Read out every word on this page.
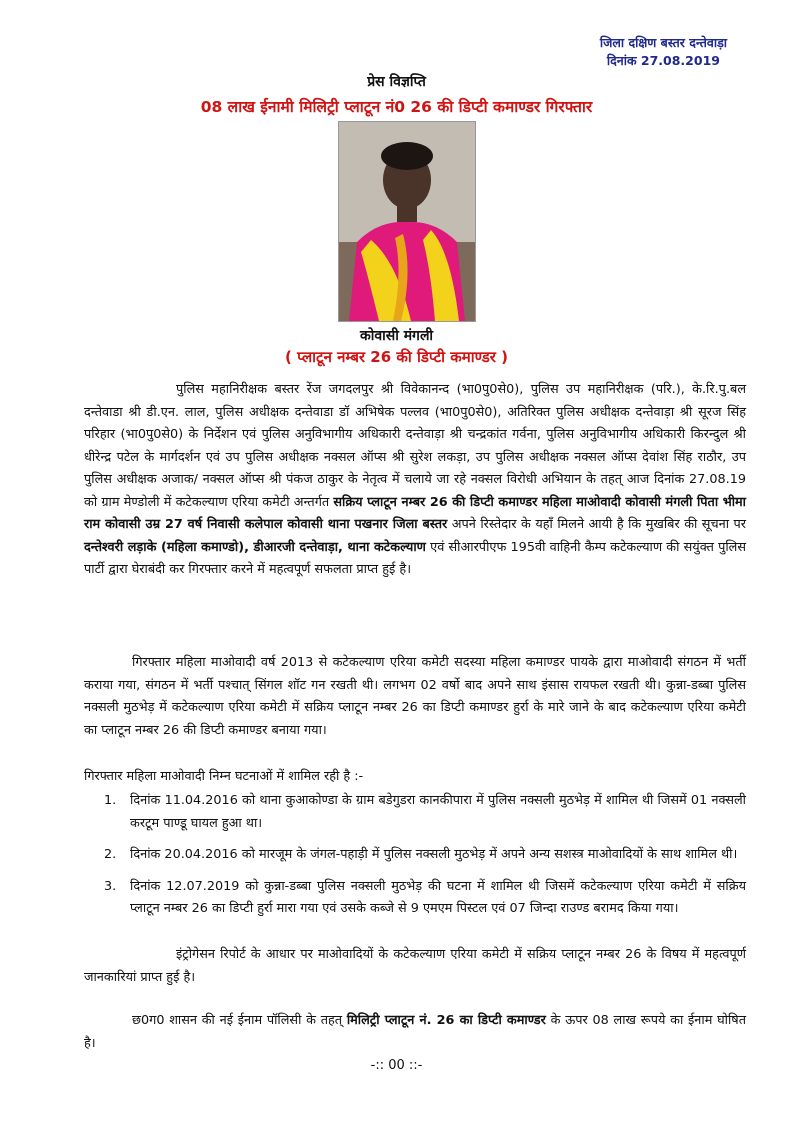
जिला दक्षिण बस्तर दन्तेवाड़ा
दिनांक 27.08.2019
प्रेस विज्ञप्ति
08 लाख ईनामी मिलिट्री प्लाटून नं0 26 की डिप्टी कमाण्डर गिरफ्तार
कोवासी मंगली
( प्लाटून नम्बर 26 की डिप्टी कमाण्डर )
पुलिस महानिरीक्षक बस्तर रेंज जगदलपुर श्री विवेकानन्द (भा0पु0से0), पुलिस उप महानिरीक्षक (परि.), के.रि.पु.बल दन्तेवाडा श्री डी.एन. लाल, पुलिस अधीक्षक दन्तेवाडा डॉ अभिषेक पल्लव (भा0पु0से0), अतिरिक्त पुलिस अधीक्षक दन्तेवाड़ा श्री सूरज सिंह परिहार (भा0पु0से0) के निर्देशन एवं पुलिस अनुविभागीय अधिकारी दन्तेवाड़ा श्री चन्द्रकांत गर्वना, पुलिस अनुविभागीय अधिकारी किरन्दुल श्री धीरेन्द्र पटेल के मार्गदर्शन एवं उप पुलिस अधीक्षक नक्सल ऑप्स श्री सुरेश लकड़ा, उप पुलिस अधीक्षक नक्सल ऑप्स देवांश सिंह राठौर, उप पुलिस अधीक्षक अजाक/ नक्सल ऑप्स श्री पंकज ठाकुर के नेतृत्व में चलाये जा रहे नक्सल विरोधी अभियान के तहत् आज दिनांक 27.08.19 को ग्राम मेण्डोली में कटेकल्याण एरिया कमेटी अन्तर्गत सक्रिय प्लाटून नम्बर 26 की डिप्टी कमाण्डर महिला माओवादी कोवासी मंगली पिता भीमा राम कोवासी उम्र 27 वर्ष निवासी कलेपाल कोवासी थाना पखनार जिला बस्तर अपने रिस्तेदार के यहाँ मिलने आयी है कि मुखबिर की सूचना पर दन्तेश्वरी लड़ाके (महिला कमाण्डो), डीआरजी दन्तेवाड़ा, थाना कटेकल्याण एवं सीआरपीएफ 195वी वाहिनी कैम्प कटेकल्याण की सयुंक्त पुलिस पार्टी द्वारा घेराबंदी कर गिरफ्तार करने में महत्वपूर्ण सफलता प्राप्त हुई है।
गिरफ्तार महिला माओवादी वर्ष 2013 से कटेकल्याण एरिया कमेटी सदस्या महिला कमाण्डर पायके द्वारा माओवादी संगठन में भर्ती कराया गया, संगठन में भर्ती पश्चात् सिंगल शॉट गन रखती थी। लगभग 02 वर्षो बाद अपने साथ इंसास रायफल रखती थी। कुन्ना-डब्बा पुलिस नक्सली मुठभेड़ में कटेकल्याण एरिया कमेटी में सक्रिय प्लाटून नम्बर 26 का डिप्टी कमाण्डर हुर्रा के मारे जाने के बाद कटेकल्याण एरिया कमेटी का प्लाटून नम्बर 26 की डिप्टी कमाण्डर बनाया गया।
गिरफ्तार महिला माओवादी निम्न घटनाओं में शामिल रही है :-
1. दिनांक 11.04.2016 को थाना कुआकोण्डा के ग्राम बडेगुडरा कानकीपारा में पुलिस नक्सली मुठभेड़ में शामिल थी जिसमें 01 नक्सली करटूम पाण्डू घायल हुआ था।
2. दिनांक 20.04.2016 को मारजूम के जंगल-पहाड़ी में पुलिस नक्सली मुठभेड़ में अपने अन्य सशस्त्र माओवादियों के साथ शामिल थी।
3. दिनांक 12.07.2019 को कुन्ना-डब्बा पुलिस नक्सली मुठभेड़ की घटना में शामिल थी जिसमें कटेकल्याण एरिया कमेटी में सक्रिय प्लाटून नम्बर 26 का डिप्टी हुर्रा मारा गया एवं उसके कब्जे से 9 एमएम पिस्टल एवं 07 जिन्दा राउण्ड बरामद किया गया।
इंट्रोगेसन रिपोर्ट के आधार पर माओवादियों के कटेकल्याण एरिया कमेटी में सक्रिय प्लाटून नम्बर 26 के विषय में महत्वपूर्ण जानकारियां प्राप्त हुई है।
छ0ग0 शासन की नई ईनाम पॉलिसी के तहत् मिलिट्री प्लाटून नं. 26 का डिप्टी कमाण्डर के ऊपर 08 लाख रूपये का ईनाम घोषित है।
-:: 00 ::-
